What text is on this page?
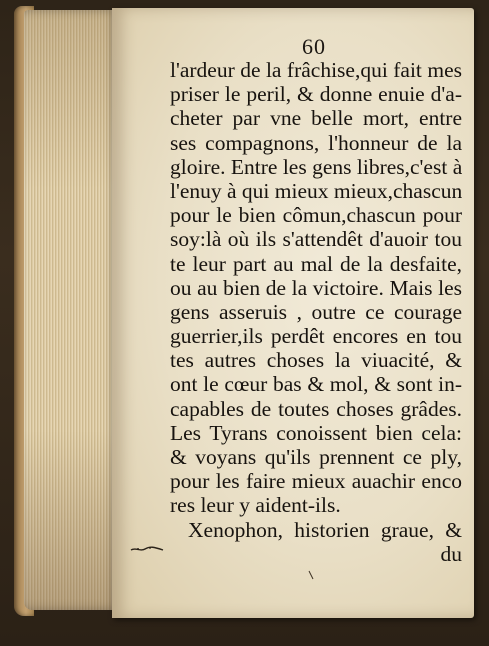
60
l'ardeur de la frâchise,qui fait mes
priser le peril, & donne enuie d'a-
cheter par vne belle mort, entre
ses compagnons, l'honneur de la
gloire. Entre les gens libres,c'est à
l'enuy à qui mieux mieux,chascun
pour le bien cômun,chascun pour
soy:là où ils s'attendêt d'auoir tou
te leur part au mal de la desfaite,
ou au bien de la victoire. Mais les
gens asseruis , outre ce courage
guerrier,ils perdêt encores en tou
tes autres choses la viuacité, &
ont le cœur bas & mol, & sont in-
capables de toutes choses grâdes.
Les Tyrans conoissent bien cela:
& voyans qu'ils prennent ce ply,
pour les faire mieux auachir enco
res leur y aident-ils.
Xenophon, historien graue, &
du
